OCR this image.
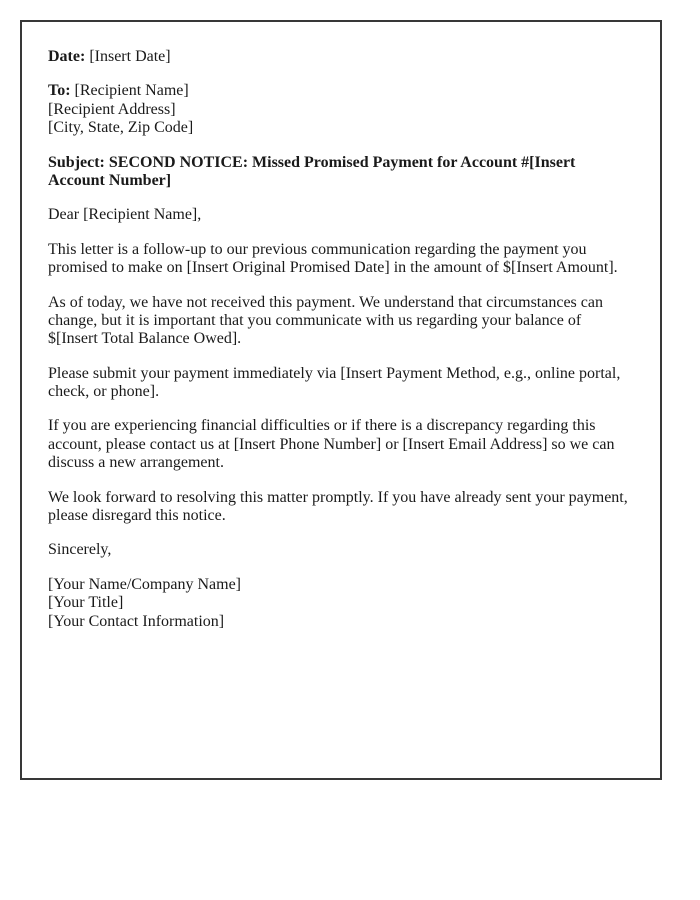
Date: [Insert Date]

To: [Recipient Name]
[Recipient Address]
[City, State, Zip Code]

Subject: SECOND NOTICE: Missed Promised Payment for Account #[Insert Account Number]

Dear [Recipient Name],

This letter is a follow-up to our previous communication regarding the payment you promised to make on [Insert Original Promised Date] in the amount of $[Insert Amount].

As of today, we have not received this payment. We understand that circumstances can change, but it is important that you communicate with us regarding your balance of $[Insert Total Balance Owed].

Please submit your payment immediately via [Insert Payment Method, e.g., online portal, check, or phone].

If you are experiencing financial difficulties or if there is a discrepancy regarding this account, please contact us at [Insert Phone Number] or [Insert Email Address] so we can discuss a new arrangement.

We look forward to resolving this matter promptly. If you have already sent your payment, please disregard this notice.

Sincerely,

[Your Name/Company Name]
[Your Title]
[Your Contact Information]
